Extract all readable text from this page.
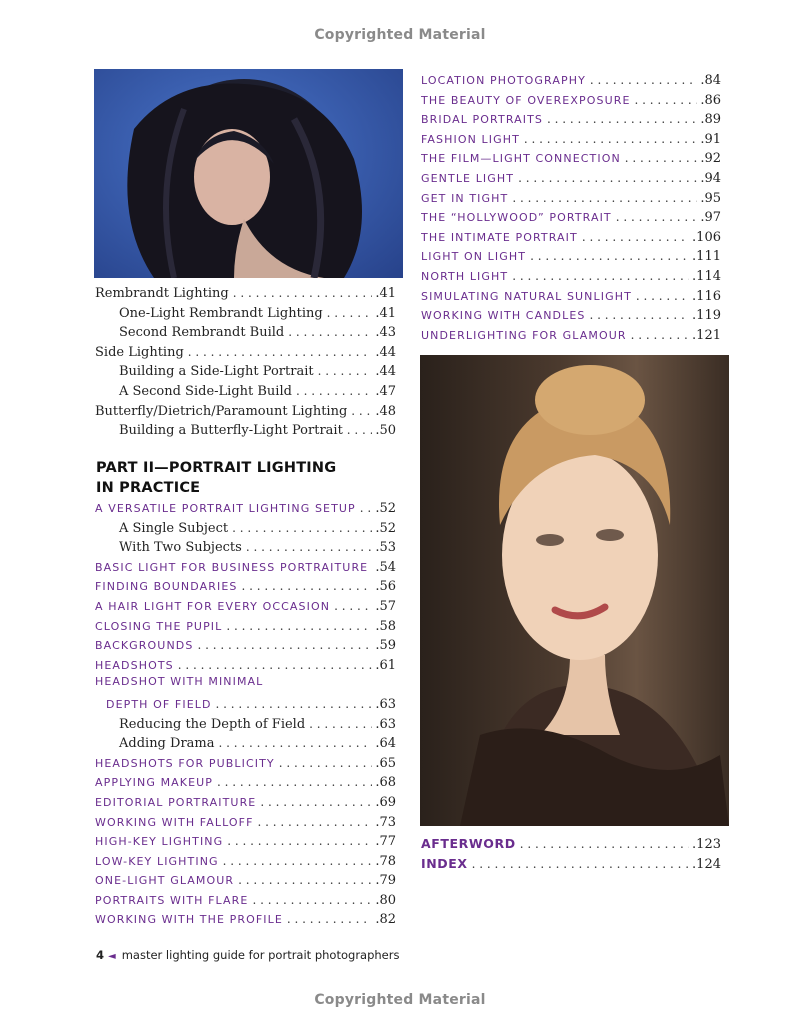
Copyrighted Material
Rembrandt Lighting . . .	.41
One-Light Rembrandt Lighting . . .	.41
Second Rembrandt Build . . .	.43
Side Lighting . . .	.44
Building a Side-Light Portrait . . .	.44
A Second Side-Light Build . . .	.47
Butterfly/Dietrich/Paramount Lighting . . . .48
Building a Butterfly-Light Portrait . . .	.50
PART II—PORTRAIT LIGHTING
IN PRACTICE
A VERSATILE PORTRAIT LIGHTING SETUP . . . .52
A Single Subject . . .	.52
With Two Subjects . . .	.53
BASIC LIGHT FOR BUSINESS PORTRAITURE . . . .54
FINDING BOUNDARIES . . .	.56
A HAIR LIGHT FOR EVERY OCCASION . . .	.57
CLOSING THE PUPIL . . .	.58
BACKGROUNDS . . .	.59
HEADSHOTS . . .	.61
HEADSHOT WITH MINIMAL
DEPTH OF FIELD . . .	.63
Reducing the Depth of Field . . .	.63
Adding Drama . . .	.64
HEADSHOTS FOR PUBLICITY . . .	.65
APPLYING MAKEUP . . .	.68
EDITORIAL PORTRAITURE . . .	.69
WORKING WITH FALLOFF . . .	.73
HIGH-KEY LIGHTING . . .	.77
LOW-KEY LIGHTING . . .	.78
ONE-LIGHT GLAMOUR . . .	.79
PORTRAITS WITH FLARE . . .	.80
WORKING WITH THE PROFILE . . .	.82
LOCATION PHOTOGRAPHY . . .	.84
THE BEAUTY OF OVEREXPOSURE . . .	.86
BRIDAL PORTRAITS . . .	.89
FASHION LIGHT . . .	.91
THE FILM—LIGHT CONNECTION . . .	.92
GENTLE LIGHT . . .	.94
GET IN TIGHT . . .	.95
THE “HOLLYWOOD” PORTRAIT . . .	.97
THE INTIMATE PORTRAIT . . .	.106
LIGHT ON LIGHT . . .	.111
NORTH LIGHT . . .	.114
SIMULATING NATURAL SUNLIGHT . . .	.116
WORKING WITH CANDLES . . .	.119
UNDERLIGHTING FOR GLAMOUR . . .	.121
AFTERWORD . . .	.123
INDEX . . .	.124
4 ◄ master lighting guide for portrait photographers
Copyrighted Material
